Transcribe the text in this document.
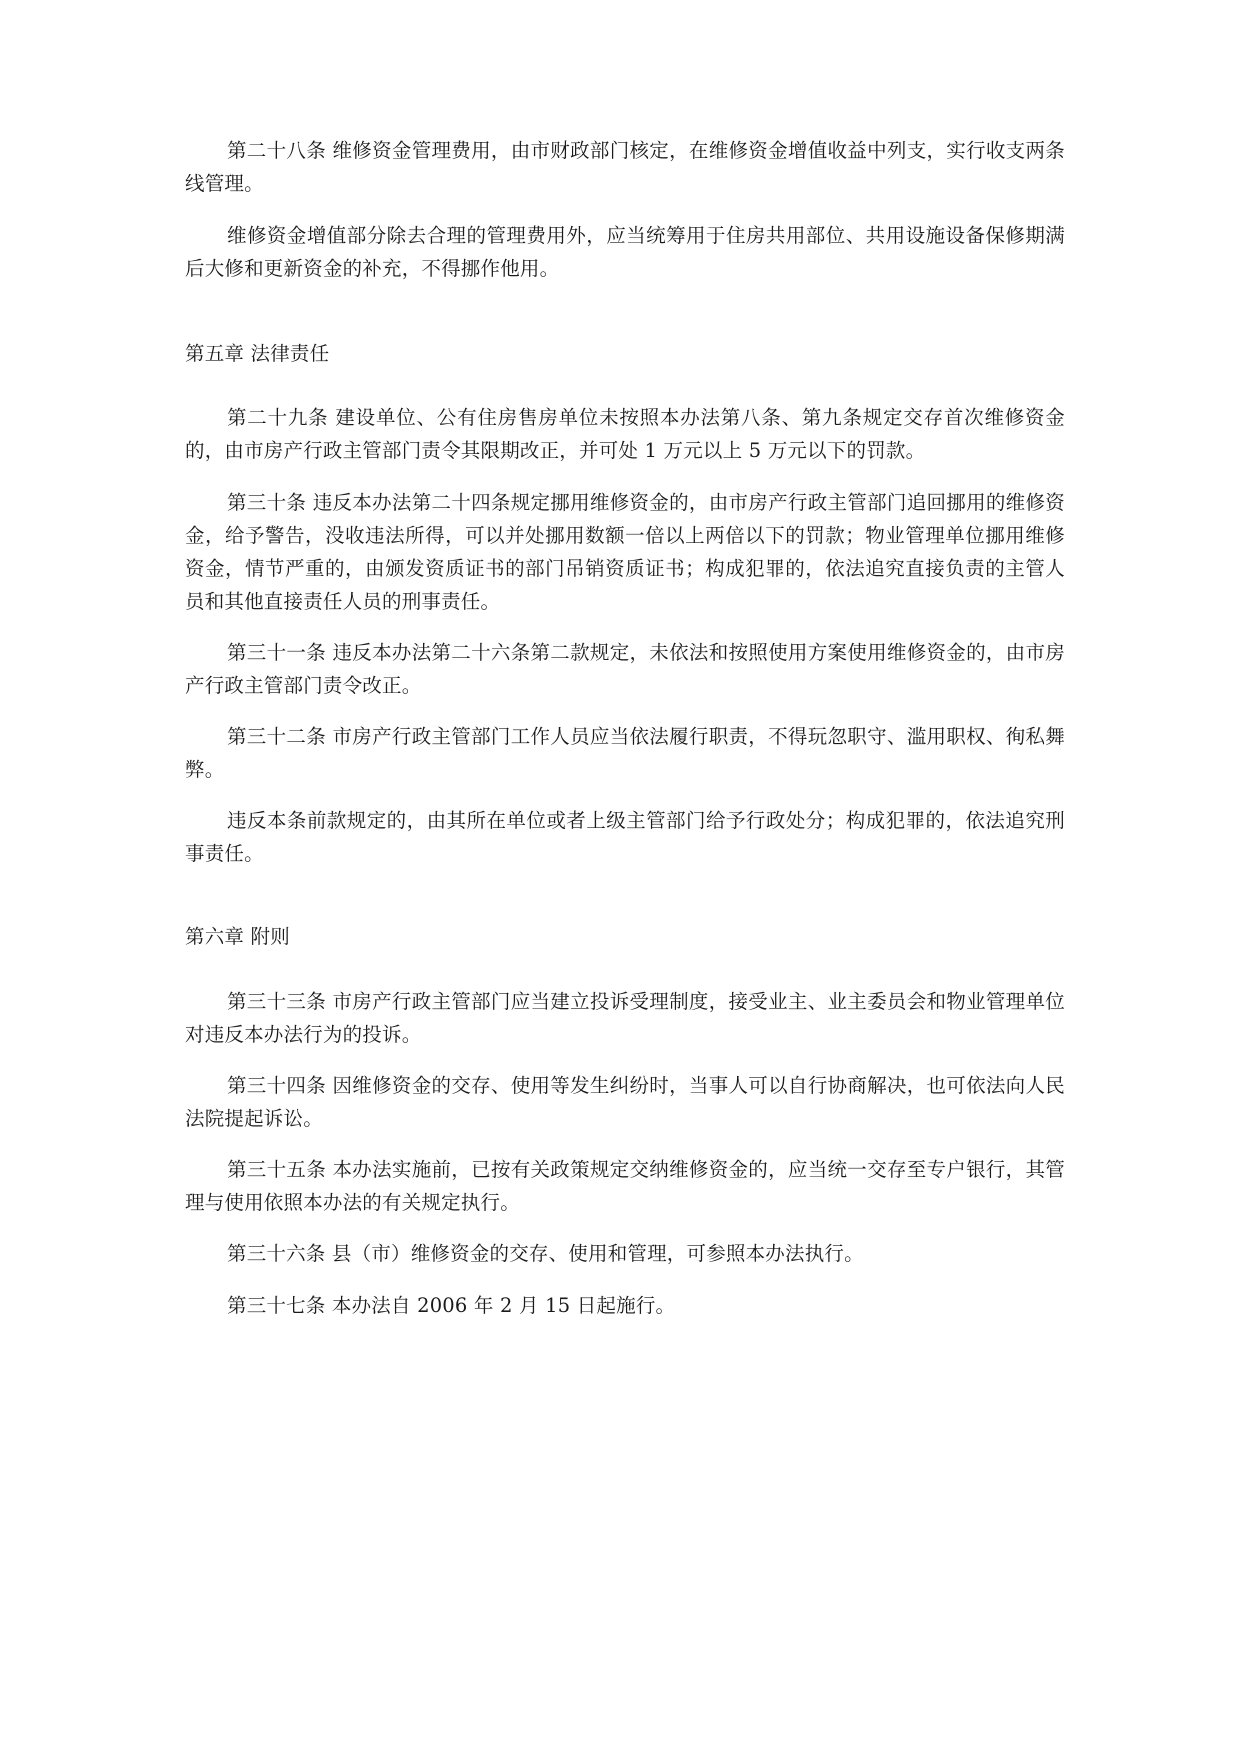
第二十八条 维修资金管理费用，由市财政部门核定，在维修资金增值收益中列支，实行收支两条线管理。

维修资金增值部分除去合理的管理费用外，应当统筹用于住房共用部位、共用设施设备保修期满后大修和更新资金的补充，不得挪作他用。

第五章 法律责任

第二十九条 建设单位、公有住房售房单位未按照本办法第八条、第九条规定交存首次维修资金的，由市房产行政主管部门责令其限期改正，并可处 1 万元以上 5 万元以下的罚款。

第三十条 违反本办法第二十四条规定挪用维修资金的，由市房产行政主管部门追回挪用的维修资金，给予警告，没收违法所得，可以并处挪用数额一倍以上两倍以下的罚款；物业管理单位挪用维修资金，情节严重的，由颁发资质证书的部门吊销资质证书；构成犯罪的，依法追究直接负责的主管人员和其他直接责任人员的刑事责任。

第三十一条 违反本办法第二十六条第二款规定，未依法和按照使用方案使用维修资金的，由市房产行政主管部门责令改正。

第三十二条 市房产行政主管部门工作人员应当依法履行职责，不得玩忽职守、滥用职权、徇私舞弊。

违反本条前款规定的，由其所在单位或者上级主管部门给予行政处分；构成犯罪的，依法追究刑事责任。

第六章 附则

第三十三条 市房产行政主管部门应当建立投诉受理制度，接受业主、业主委员会和物业管理单位对违反本办法行为的投诉。

第三十四条 因维修资金的交存、使用等发生纠纷时，当事人可以自行协商解决，也可依法向人民法院提起诉讼。

第三十五条 本办法实施前，已按有关政策规定交纳维修资金的，应当统一交存至专户银行，其管理与使用依照本办法的有关规定执行。

第三十六条 县（市）维修资金的交存、使用和管理，可参照本办法执行。

第三十七条 本办法自 2006 年 2 月 15 日起施行。
